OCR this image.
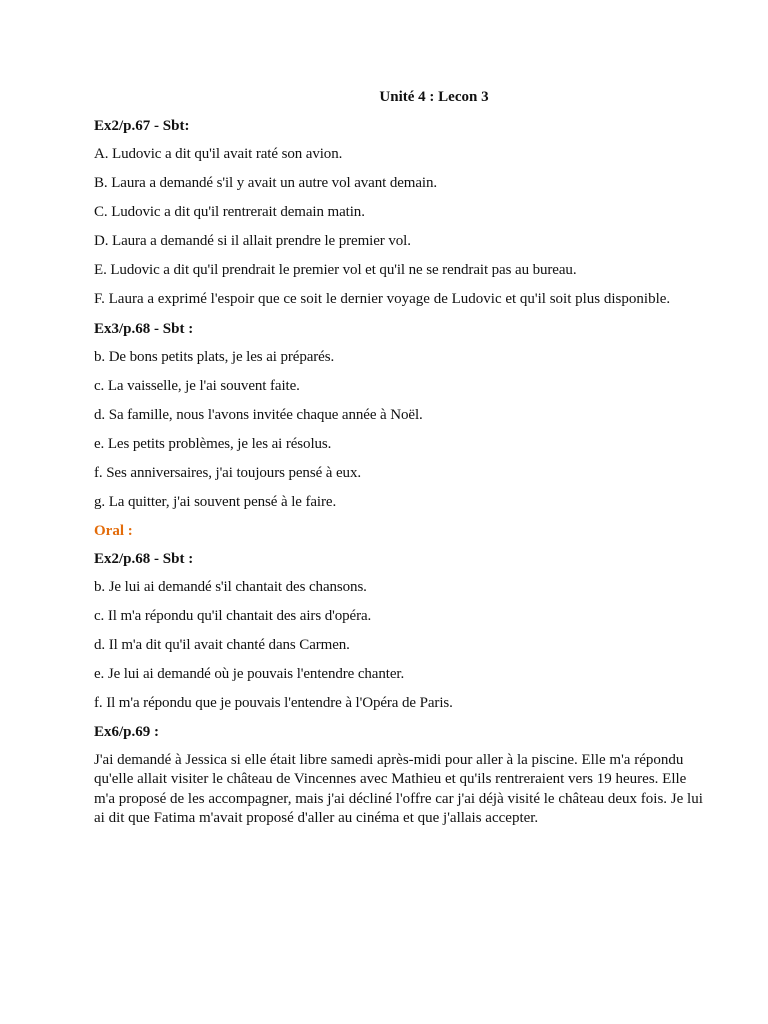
Unité 4 : Lecon 3
Ex2/p.67 - Sbt:
A. Ludovic a dit qu'il avait raté son avion.
B. Laura a demandé s'il y avait un autre vol avant demain.
C. Ludovic a dit qu'il rentrerait demain matin.
D. Laura a demandé si il allait prendre le premier vol.
E. Ludovic a dit qu'il prendrait le premier vol et qu'il ne se rendrait pas au bureau.
F. Laura a exprimé l'espoir que ce soit le dernier voyage de Ludovic et qu'il soit plus disponible.
Ex3/p.68 - Sbt :
b. De bons petits plats, je les ai préparés.
c. La vaisselle, je l'ai souvent faite.
d. Sa famille, nous l'avons invitée chaque année à Noël.
e. Les petits problèmes, je les ai résolus.
f. Ses anniversaires, j'ai toujours pensé à eux.
g. La quitter, j'ai souvent pensé à le faire.
Oral :
Ex2/p.68 - Sbt :
b. Je lui ai demandé s'il chantait des chansons.
c. Il m'a répondu qu'il chantait des airs d'opéra.
d. Il m'a dit qu'il avait chanté dans Carmen.
e. Je lui ai demandé où je pouvais l'entendre chanter.
f. Il m'a répondu que je pouvais l'entendre à l'Opéra de Paris.
Ex6/p.69 :
J'ai demandé à Jessica si elle était libre samedi après-midi pour aller à la piscine. Elle m'a répondu qu'elle allait visiter le château de Vincennes avec Mathieu et qu'ils rentreraient vers 19 heures. Elle m'a proposé de les accompagner, mais j'ai décliné l'offre car j'ai déjà visité le château deux fois. Je lui ai dit que Fatima m'avait proposé d'aller au cinéma et que j'allais accepter.
